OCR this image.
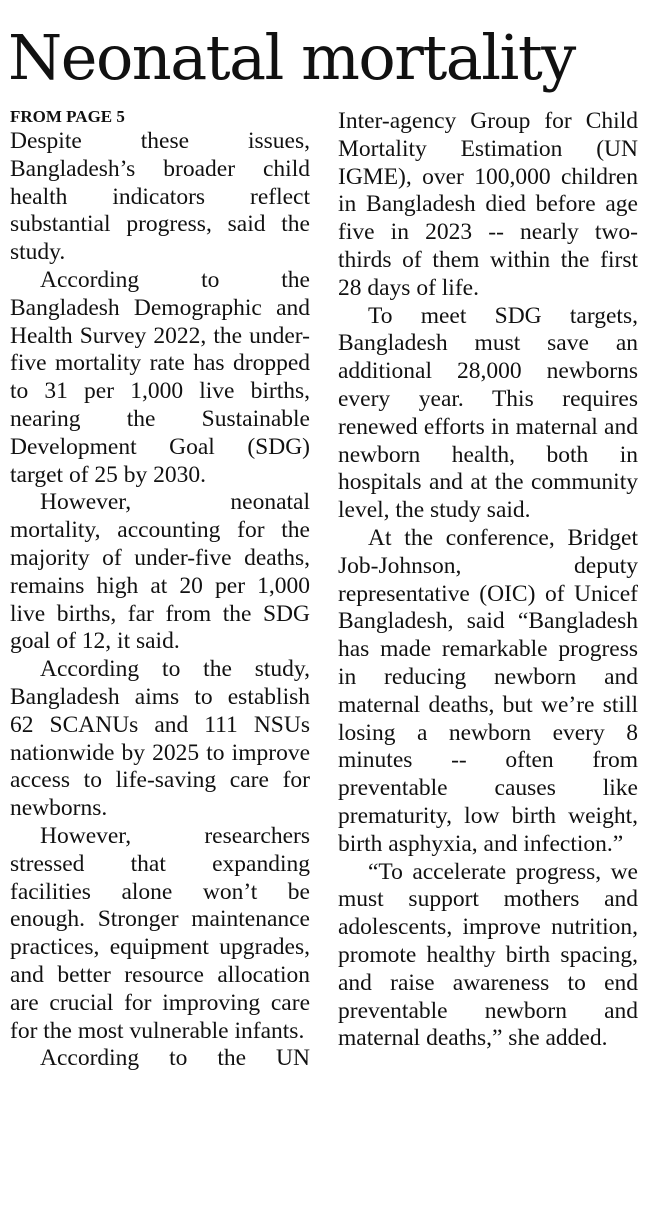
Neonatal mortality
FROM PAGE 5

Despite these issues, Bangladesh’s broader child health indicators reflect substantial progress, said the study.

According to the Bangladesh Demographic and Health Survey 2022, the under-five mortality rate has dropped to 31 per 1,000 live births, nearing the Sustainable Development Goal (SDG) target of 25 by 2030.

However, neonatal mortality, accounting for the majority of under-five deaths, remains high at 20 per 1,000 live births, far from the SDG goal of 12, it said.

According to the study, Bangladesh aims to establish 62 SCANUs and 111 NSUs nationwide by 2025 to improve access to life-saving care for newborns.

However, researchers stressed that expanding facilities alone won’t be enough. Stronger maintenance practices, equipment upgrades, and better resource allocation are crucial for improving care for the most vulnerable infants.

According to the UN

Inter-agency Group for Child Mortality Estimation (UN IGME), over 100,000 children in Bangladesh died before age five in 2023 -- nearly two-thirds of them within the first 28 days of life.

To meet SDG targets, Bangladesh must save an additional 28,000 newborns every year. This requires renewed efforts in maternal and newborn health, both in hospitals and at the community level, the study said.

At the conference, Bridget Job-Johnson, deputy representative (OIC) of Unicef Bangladesh, said “Bangladesh has made remarkable progress in reducing newborn and maternal deaths, but we’re still losing a newborn every 8 minutes -- often from preventable causes like prematurity, low birth weight, birth asphyxia, and infection.”

“To accelerate progress, we must support mothers and adolescents, improve nutrition, promote healthy birth spacing, and raise awareness to end preventable newborn and maternal deaths,” she added.
